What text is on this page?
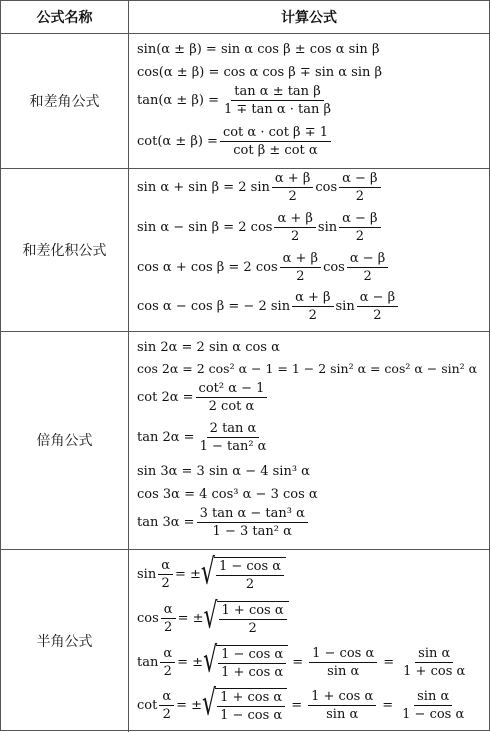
公式名称	计算公式
和差角公式
sin(α ± β) = sin α cos β ± cos α sin β
cos(α ± β) = cos α cos β ∓ sin α sin β
$\tan(\alpha \pm \beta) = \frac{\text{tan α ± tan β}}{\text{1 ∓ tan α · tan β}}$
$\cot(\alpha \pm \beta) = \frac{\text{cot α · cot β ∓ 1}}{\text{cot β ± cot α}}$
和差化积公式
sin α + sin β = 2 $\sin \frac{\alpha + \beta}{2}$ $\cos \frac{\alpha - \beta}{2}$
sin α − sin β = 2 $\cos \frac{\alpha + \beta}{2}$ $\sin \frac{\alpha - \beta}{2}$
cos α + cos β = 2 $\cos \frac{\alpha + \beta}{2}$ $\cos \frac{\alpha - \beta}{2}$
cos α − cos β = − 2 $\sin \frac{\alpha + \beta}{2}$ $\sin \frac{\alpha - \beta}{2}$
倍角公式
sin 2α = 2 sin α cos α
cos 2α = 2 cos² α − 1 = 1 − 2 sin² α = cos² α − sin² α
$\cot 2\alpha = \frac{\text{cot² α − 1}}{\text{2 cot α}}$
$\tan 2\alpha = \frac{\text{2 tan α}}{\text{1 − tan² α}}$
sin 3α = 3 sin α − 4 sin³ α
cos 3α = 4 cos³ α − 3 cos α
$\tan 3\alpha = \frac{\text{3 tan α − tan³ α}}{\text{1 − 3 tan² α}}$
半角公式
$\sin \frac{\alpha}{2}$ = ± √ $\frac{\text{1 − cos α}}{2}$
$\cos \frac{\alpha}{2}$ = ± √ $\frac{\text{1 + cos α}}{2}$
$\tan \frac{\alpha}{2}$ = ± √ $\frac{\text{1 − cos α}}{\text{1 + cos α}} = \frac{\text{1 − cos α}}{\text{sin α}} = \frac{\text{sin α}}{\text{1 + cos α}}$
$\cot \frac{\alpha}{2}$ = ± √ $\frac{\text{1 + cos α}}{\text{1 − cos α}} = \frac{\text{1 + cos α}}{\text{sin α}} = \frac{\text{sin α}}{\text{1 − cos α}}$
